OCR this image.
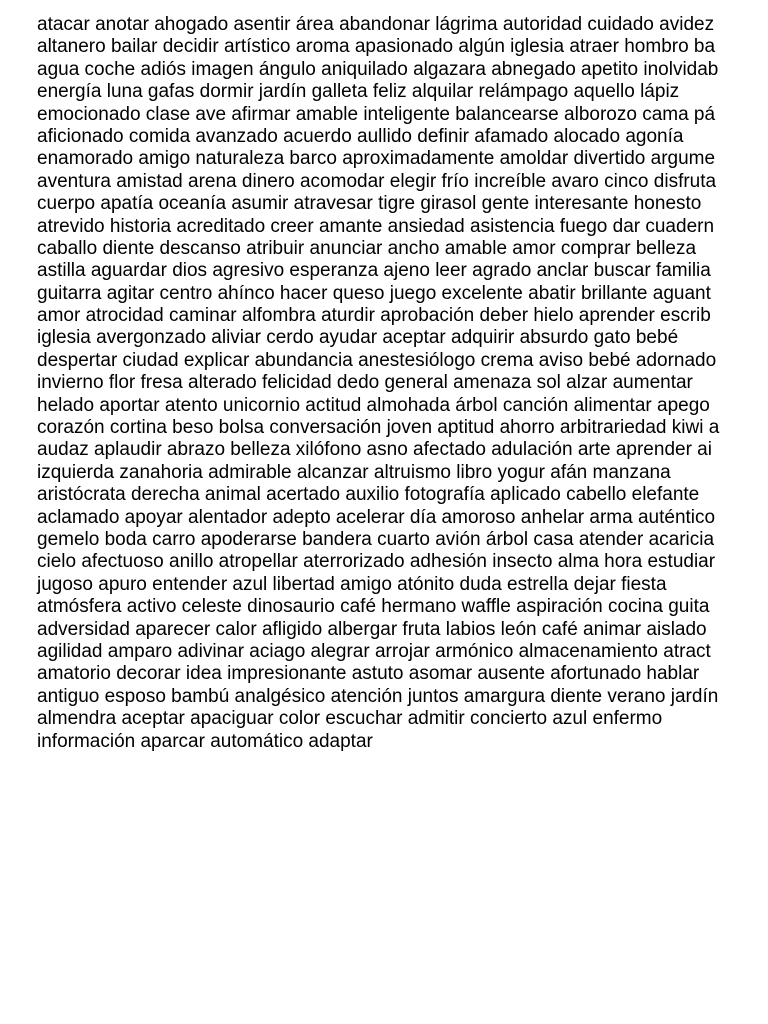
atacar anotar ahogado asentir área abandonar lágrima autoridad cuidado avidez
altanero bailar decidir artístico aroma apasionado algún iglesia atraer hombro ba
agua coche adiós imagen ángulo aniquilado algazara abnegado apetito inolvidab
energía luna gafas dormir jardín galleta feliz alquilar relámpago aquello lápiz
emocionado clase ave afirmar amable inteligente balancearse alborozo cama pá
aficionado comida avanzado acuerdo aullido definir afamado alocado agonía
enamorado amigo naturaleza barco aproximadamente amoldar divertido argume
aventura amistad arena dinero acomodar elegir frío increíble avaro cinco disfruta
cuerpo apatía oceanía asumir atravesar tigre girasol gente interesante honesto
atrevido historia acreditado creer amante ansiedad asistencia fuego dar cuadern
caballo diente descanso atribuir anunciar ancho amable amor comprar belleza
astilla aguardar dios agresivo esperanza ajeno leer agrado anclar buscar familia
guitarra agitar centro ahínco hacer queso juego excelente abatir brillante aguant
amor atrocidad caminar alfombra aturdir aprobación deber hielo aprender escrib
iglesia avergonzado aliviar cerdo ayudar aceptar adquirir absurdo gato bebé
despertar ciudad explicar abundancia anestesiólogo crema aviso bebé adornado
invierno flor fresa alterado felicidad dedo general amenaza sol alzar aumentar
helado aportar atento unicornio actitud almohada árbol canción alimentar apego
corazón cortina beso bolsa conversación joven aptitud ahorro arbitrariedad kiwi a
audaz aplaudir abrazo belleza xilófono asno afectado adulación arte aprender ai
izquierda zanahoria admirable alcanzar altruismo libro yogur afán manzana
aristócrata derecha animal acertado auxilio fotografía aplicado cabello elefante
aclamado apoyar alentador adepto acelerar día amoroso anhelar arma auténtico
gemelo boda carro apoderarse bandera cuarto avión árbol casa atender acaricia
cielo afectuoso anillo atropellar aterrorizado adhesión insecto alma hora estudiar
jugoso apuro entender azul libertad amigo atónito duda estrella dejar fiesta
atmósfera activo celeste dinosaurio café hermano waffle aspiración cocina guita
adversidad aparecer calor afligido albergar fruta labios león café animar aislado
agilidad amparo adivinar aciago alegrar arrojar armónico almacenamiento atract
amatorio decorar idea impresionante astuto asomar ausente afortunado hablar
antiguo esposo bambú analgésico atención juntos amargura diente verano jardín
almendra aceptar apaciguar color escuchar admitir concierto azul enfermo
información aparcar automático adaptar
